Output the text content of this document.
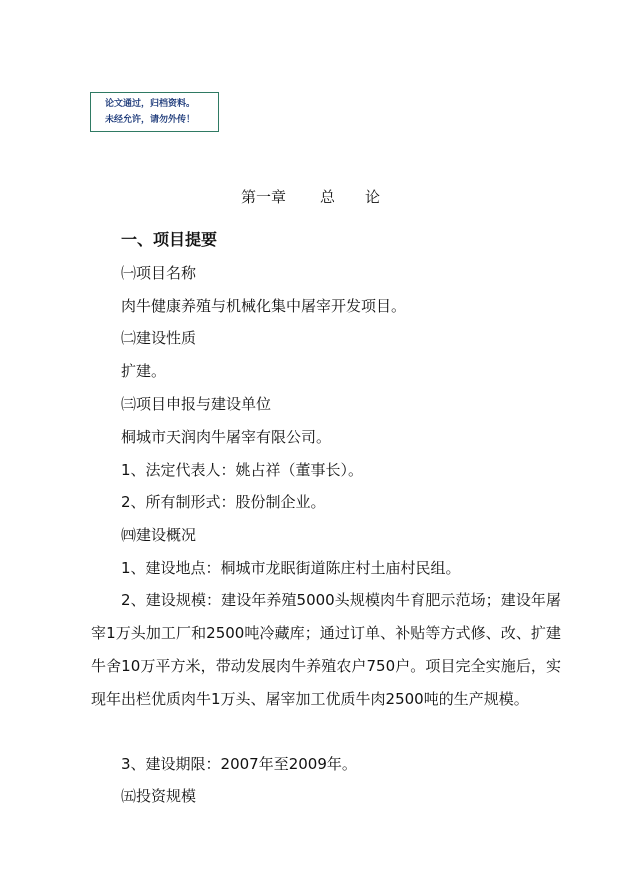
论文通过，归档资料。
未经允许，请勿外传！
第一章 总 论
一、项目提要
㈠项目名称
肉牛健康养殖与机械化集中屠宰开发项目。
㈡建设性质
扩建。
㈢项目申报与建设单位
桐城市天润肉牛屠宰有限公司。
1、法定代表人：姚占祥（董事长）。
2、所有制形式：股份制企业。
㈣建设概况
1、建设地点：桐城市龙眠街道陈庄村土庙村民组。
2、建设规模：建设年养殖5000头规模肉牛育肥示范场；建设年屠宰1万头加工厂和2500吨冷藏库；通过订单、补贴等方式修、改、扩建牛舍10万平方米，带动发展肉牛养殖农户750户。项目完全实施后，实现年出栏优质肉牛1万头、屠宰加工优质牛肉2500吨的生产规模。
3、建设期限：2007年至2009年。
㈤投资规模
